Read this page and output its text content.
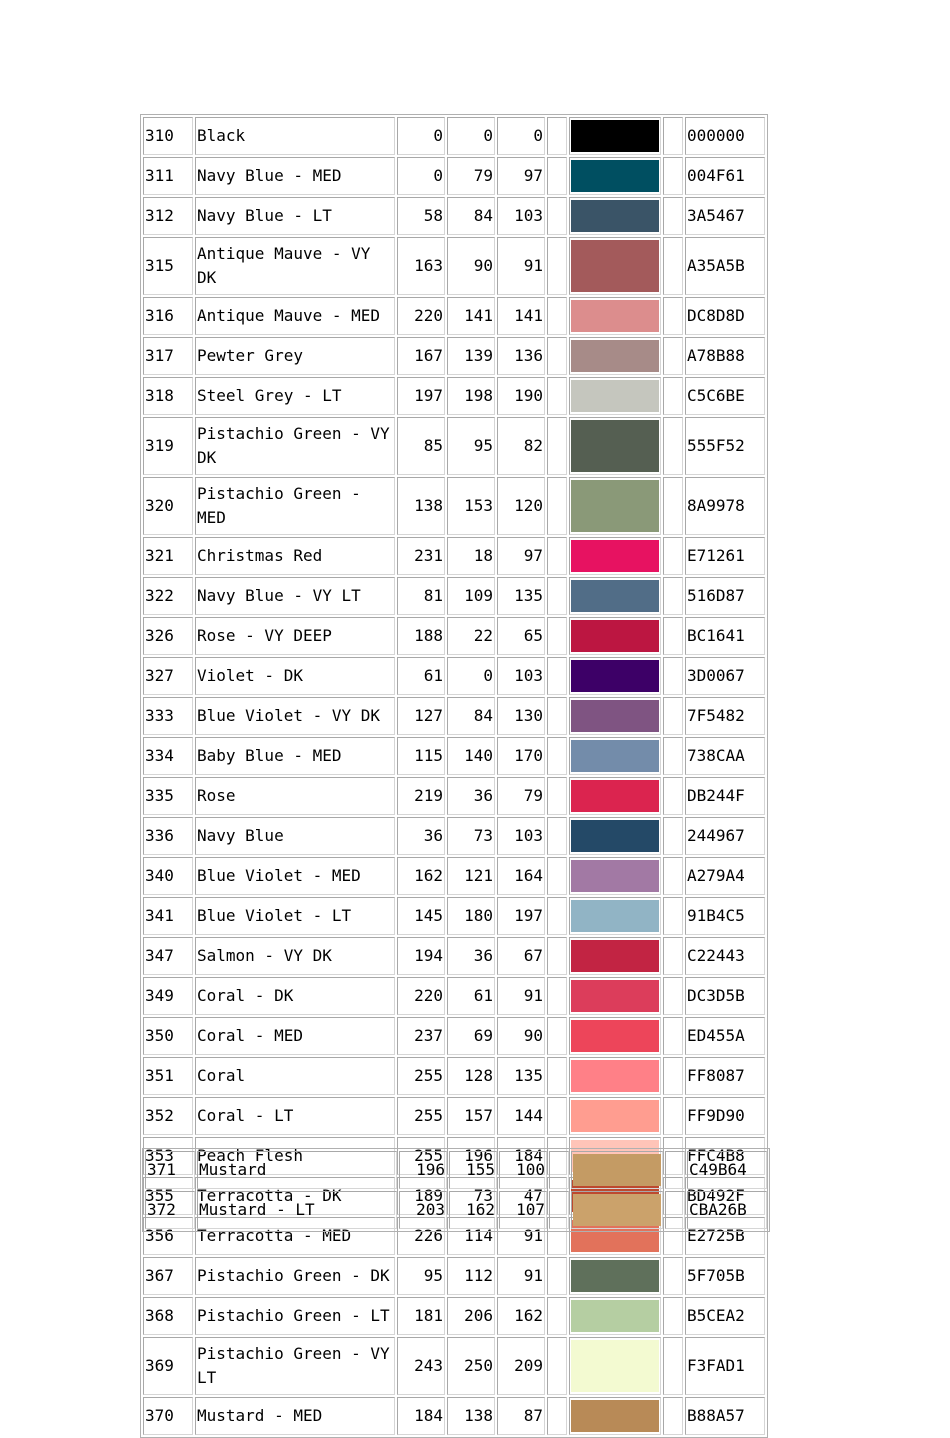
310	Black	0	0	0				000000
311	Navy Blue - MED	0	79	97				004F61
312	Navy Blue - LT	58	84	103				3A5467
315	Antique Mauve - VY DK	163	90	91				A35A5B
316	Antique Mauve - MED	220	141	141				DC8D8D
317	Pewter Grey	167	139	136				A78B88
318	Steel Grey - LT	197	198	190				C5C6BE
319	Pistachio Green - VY DK	85	95	82				555F52
320	Pistachio Green - MED	138	153	120				8A9978
321	Christmas Red	231	18	97				E71261
322	Navy Blue - VY LT	81	109	135				516D87
326	Rose - VY DEEP	188	22	65				BC1641
327	Violet - DK	61	0	103				3D0067
333	Blue Violet - VY DK	127	84	130				7F5482
334	Baby Blue - MED	115	140	170				738CAA
335	Rose	219	36	79				DB244F
336	Navy Blue	36	73	103				244967
340	Blue Violet - MED	162	121	164				A279A4
341	Blue Violet - LT	145	180	197				91B4C5
347	Salmon - VY DK	194	36	67				C22443
349	Coral - DK	220	61	91				DC3D5B
350	Coral - MED	237	69	90				ED455A
351	Coral	255	128	135				FF8087
352	Coral - LT	255	157	144				FF9D90
353	Peach Flesh	255	196	184				FFC4B8
355	Terracotta - DK	189	73	47				BD492F
356	Terracotta - MED	226	114	91				E2725B
367	Pistachio Green - DK	95	112	91				5F705B
368	Pistachio Green - LT	181	206	162				B5CEA2
369	Pistachio Green - VY LT	243	250	209				F3FAD1
370	Mustard - MED	184	138	87				B88A57
371	Mustard	196	155	100				C49B64
372	Mustard - LT	203	162	107				CBA26B
